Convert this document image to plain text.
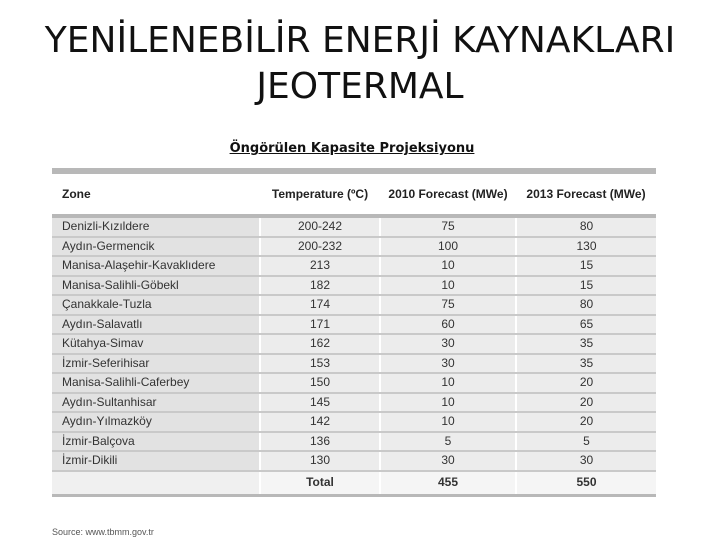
YENİLENEBİLİR ENERJİ KAYNAKLARI
JEOTERMAL
Öngörülen Kapasite Projeksiyonu
Zone	Temperature (ºC)	2010 Forecast (MWe)	2013 Forecast (MWe)
Denizli-Kızıldere	200-242	75	80
Aydın-Germencik	200-232	100	130
Manisa-Alaşehir-Kavaklıdere	213	10	15
Manisa-Salihli-Göbekl	182	10	15
Çanakkale-Tuzla	174	75	80
Aydın-Salavatlı	171	60	65
Kütahya-Simav	162	30	35
İzmir-Seferihisar	153	30	35
Manisa-Salihli-Caferbey	150	10	20
Aydın-Sultanhisar	145	10	20
Aydın-Yılmazköy	142	10	20
İzmir-Balçova	136	5	5
İzmir-Dikili	130	30	30
	Total	455	550
Source: www.tbmm.gov.tr
